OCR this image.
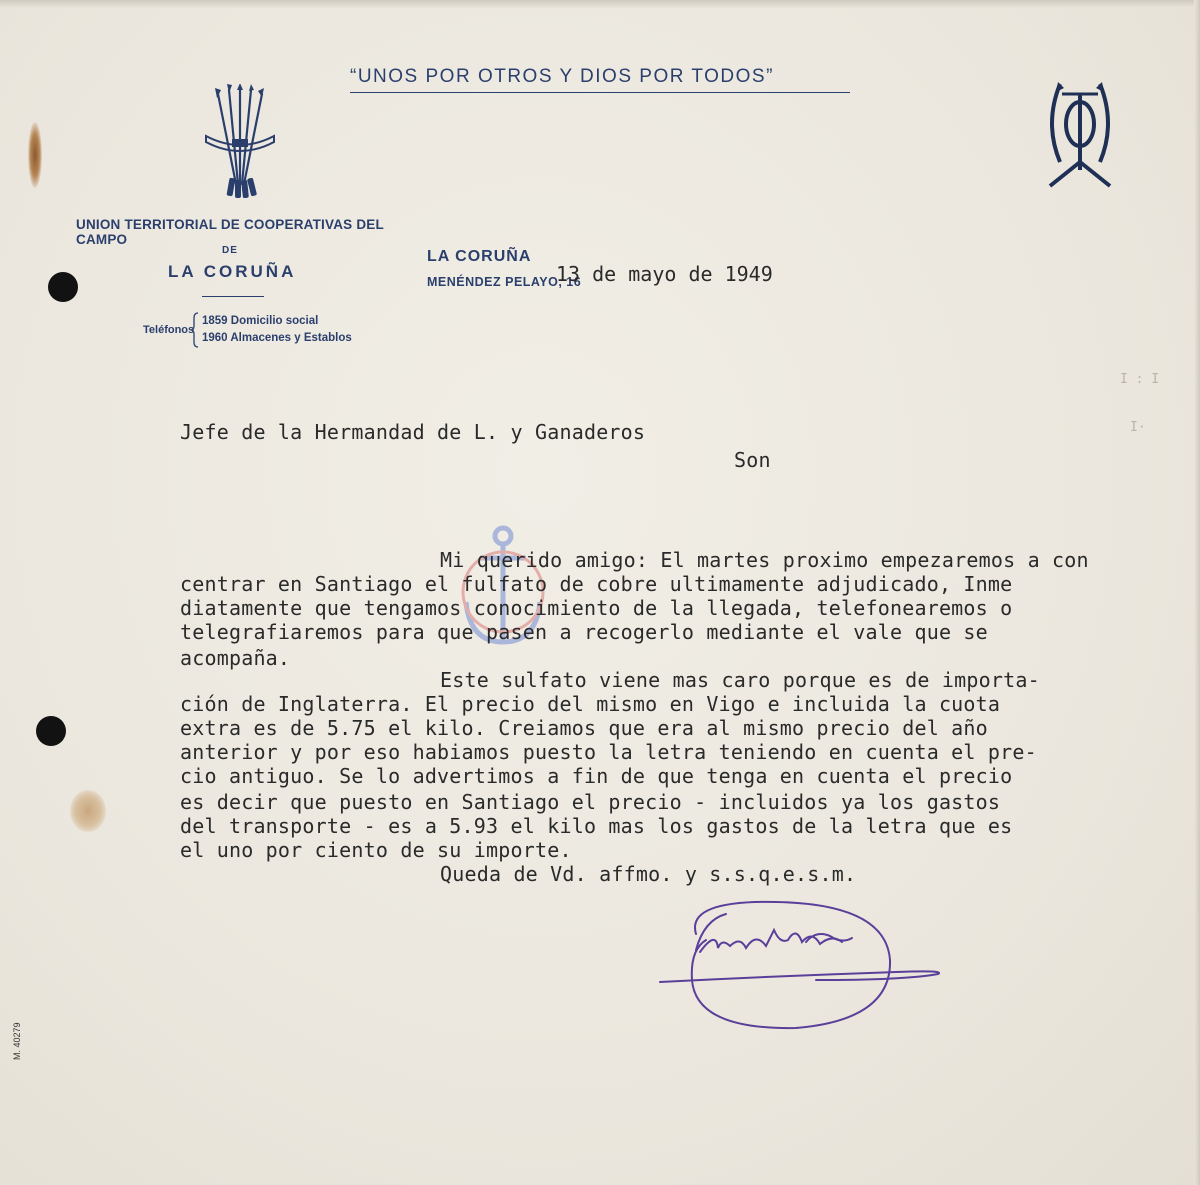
“UNOS POR OTROS Y DIOS POR TODOS”
UNION TERRITORIAL DE COOPERATIVAS DEL CAMPO
DE
LA CORUÑA
Teléfonos
1859 Domicilio social
1960 Almacenes y Establos
LA CORUÑA
MENÉNDEZ PELAYO, 16
13 de mayo de 1949
I : I
I·
Jefe de la Hermandad de L. y Ganaderos
Son
Mi querido amigo: El martes proximo empezaremos a con
centrar en Santiago el fulfato de cobre ultimamente adjudicado, Inme
diatamente que tengamos conocimiento de la llegada, telefonearemos o
telegrafiaremos para que pasen a recogerlo mediante el vale que se
acompaña.
Este sulfato viene mas caro porque es de importa-
ción de Inglaterra. El precio del mismo en Vigo e incluida la cuota
extra es de 5.75 el kilo. Creiamos que era al mismo precio del año
anterior y por eso habiamos puesto la letra teniendo en cuenta el pre-
cio antiguo. Se lo advertimos a fin de que tenga en cuenta el precio
es decir que puesto en Santiago el precio - incluidos ya los gastos
del transporte - es a 5.93 el kilo mas los gastos de la letra que es
el uno por ciento de su importe.
Queda de Vd. affmo. y s.s.q.e.s.m.
M. 40279
